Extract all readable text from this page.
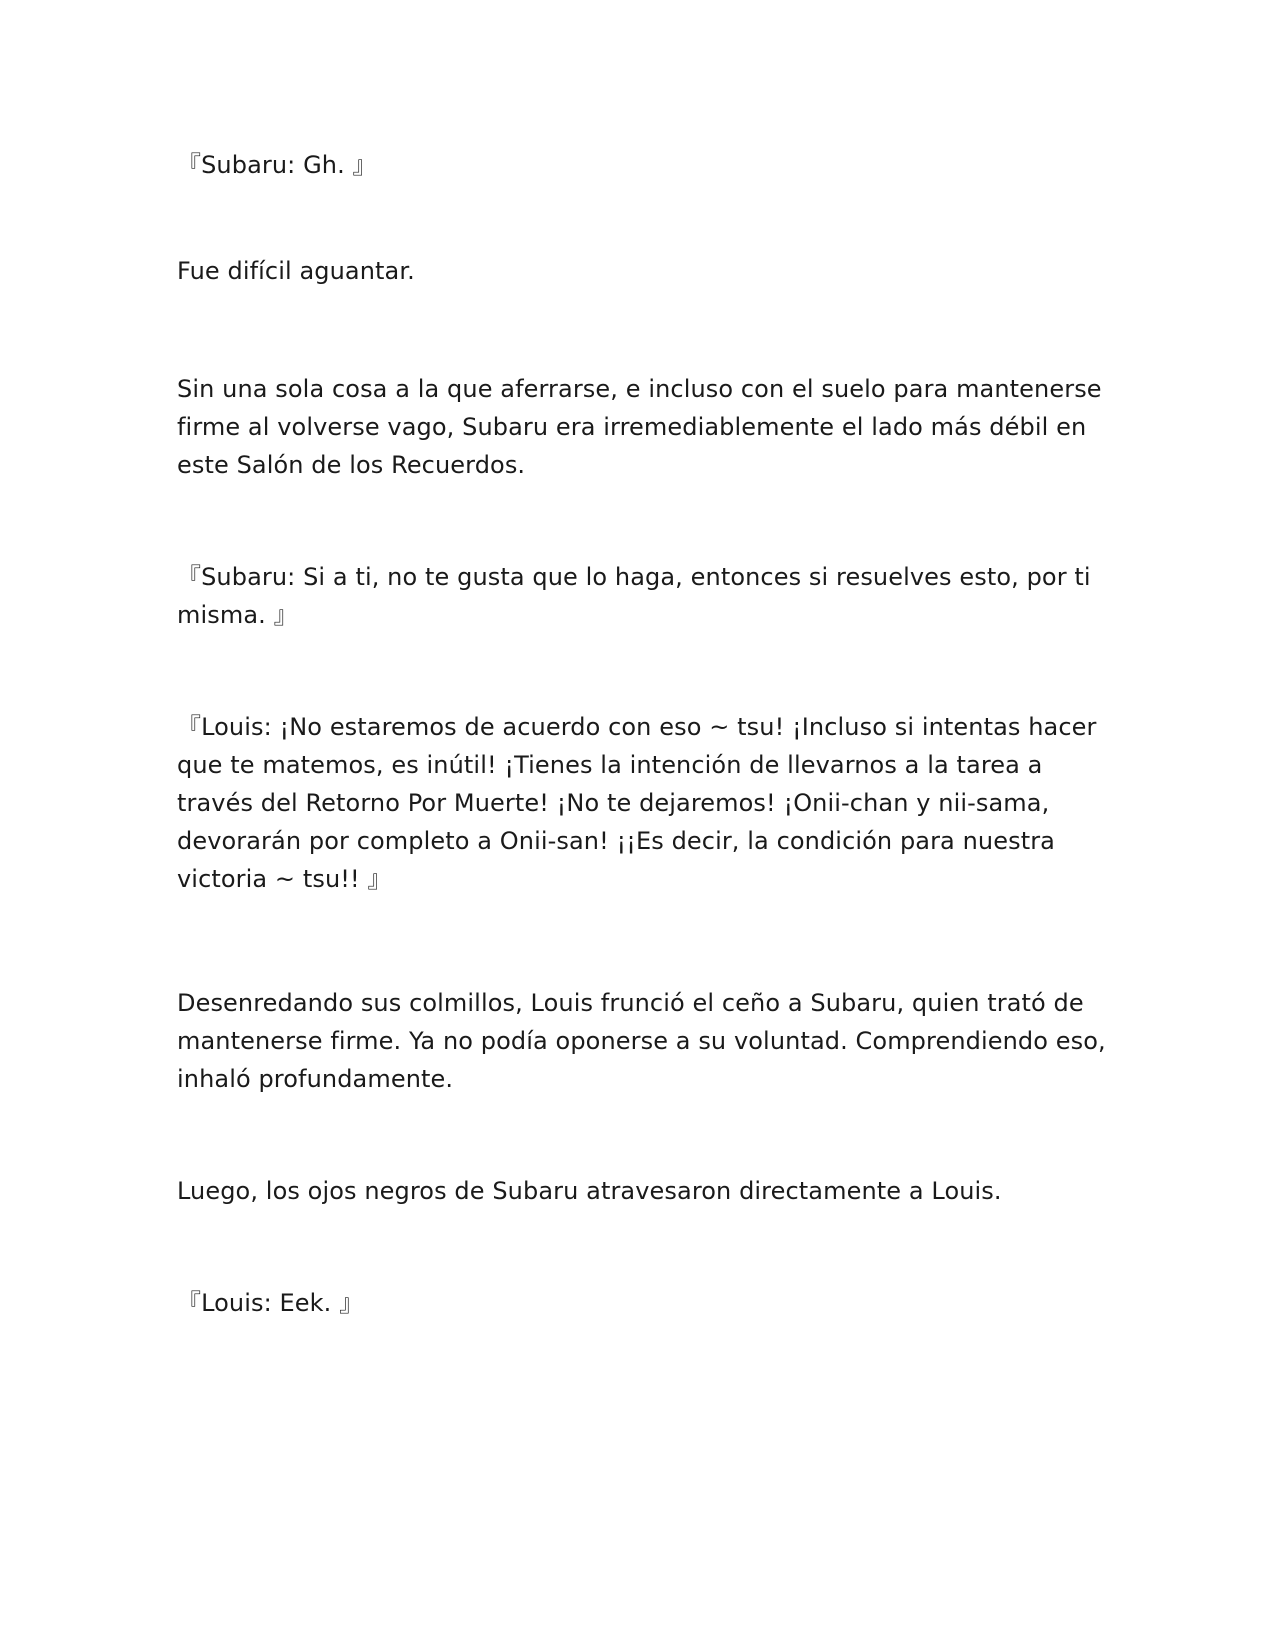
『Subaru: Gh. 』

Fue difícil aguantar.

Sin una sola cosa a la que aferrarse, e incluso con el suelo para mantenerse firme al volverse vago, Subaru era irremediablemente el lado más débil en este Salón de los Recuerdos.

『Subaru: Si a ti, no te gusta que lo haga, entonces si resuelves esto, por ti misma. 』

『Louis: ¡No estaremos de acuerdo con eso ~ tsu! ¡Incluso si intentas hacer que te matemos, es inútil! ¡Tienes la intención de llevarnos a la tarea a través del Retorno Por Muerte! ¡No te dejaremos! ¡Onii-chan y nii-sama, devorarán por completo a Onii-san! ¡¡Es decir, la condición para nuestra victoria ~ tsu!! 』

Desenredando sus colmillos, Louis frunció el ceño a Subaru, quien trató de mantenerse firme. Ya no podía oponerse a su voluntad. Comprendiendo eso, inhaló profundamente.

Luego, los ojos negros de Subaru atravesaron directamente a Louis.

『Louis: Eek. 』
